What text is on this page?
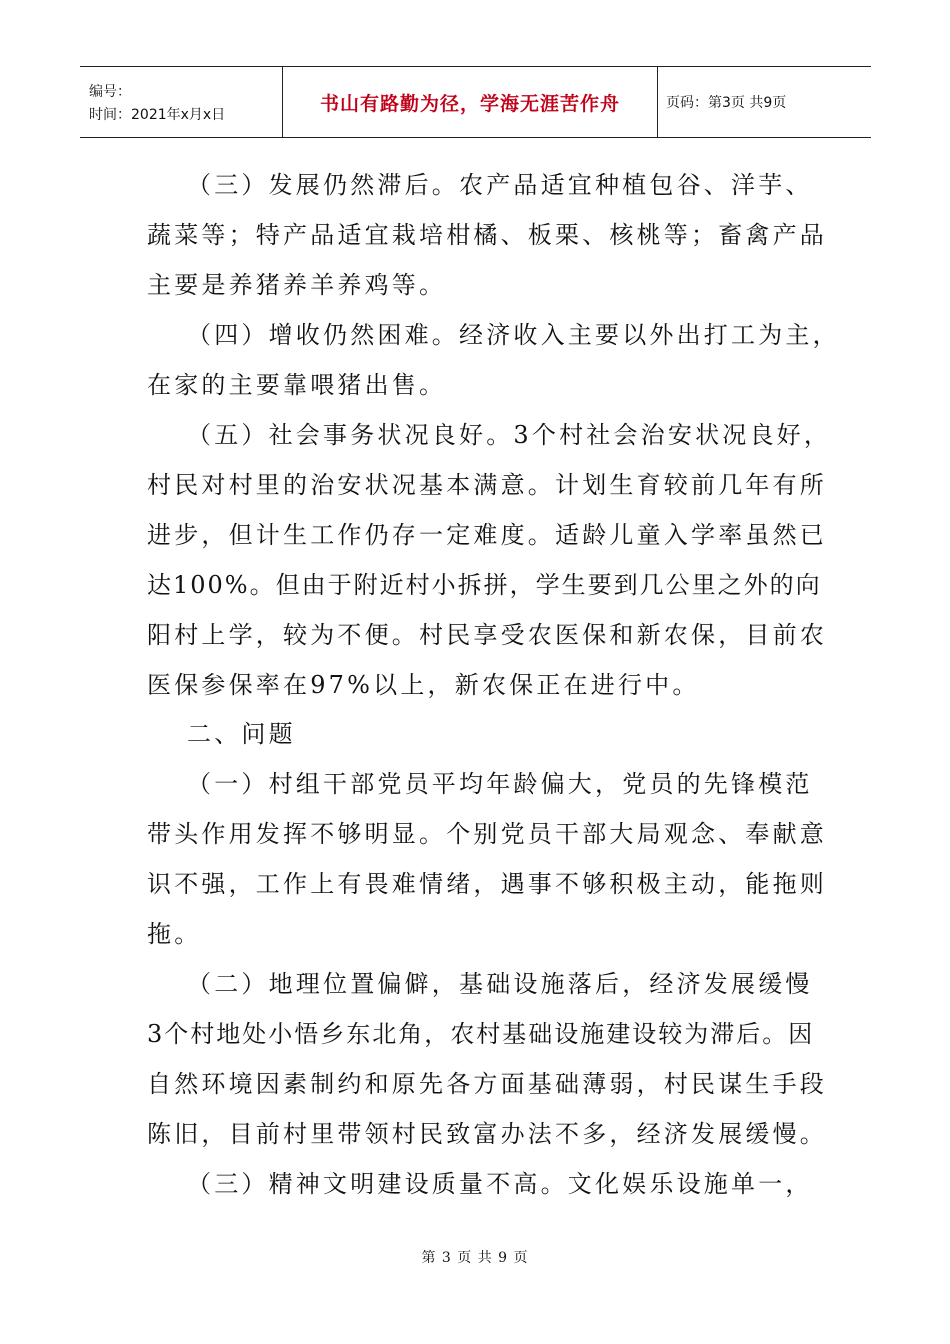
编号：
时间：2021年x月x日	书山有路勤为径，学海无涯苦作舟	页码：第3页 共9页
（三）发展仍然滞后。农产品适宜种植包谷、洋芋、
蔬菜等；特产品适宜栽培柑橘、板栗、核桃等；畜禽产品
主要是养猪养羊养鸡等。
（四）增收仍然困难。经济收入主要以外出打工为主，
在家的主要靠喂猪出售。
（五）社会事务状况良好。3个村社会治安状况良好，
村民对村里的治安状况基本满意。计划生育较前几年有所
进步，但计生工作仍存一定难度。适龄儿童入学率虽然已
达100%。但由于附近村小拆拼，学生要到几公里之外的向
阳村上学，较为不便。村民享受农医保和新农保，目前农
医保参保率在97%以上，新农保正在进行中。
二、问题
（一）村组干部党员平均年龄偏大，党员的先锋模范
带头作用发挥不够明显。个别党员干部大局观念、奉献意
识不强，工作上有畏难情绪，遇事不够积极主动，能拖则
拖。
（二）地理位置偏僻，基础设施落后，经济发展缓慢
3个村地处小悟乡东北角，农村基础设施建设较为滞后。因
自然环境因素制约和原先各方面基础薄弱，村民谋生手段
陈旧，目前村里带领村民致富办法不多，经济发展缓慢。
（三）精神文明建设质量不高。文化娱乐设施单一，
第 3 页 共 9 页
